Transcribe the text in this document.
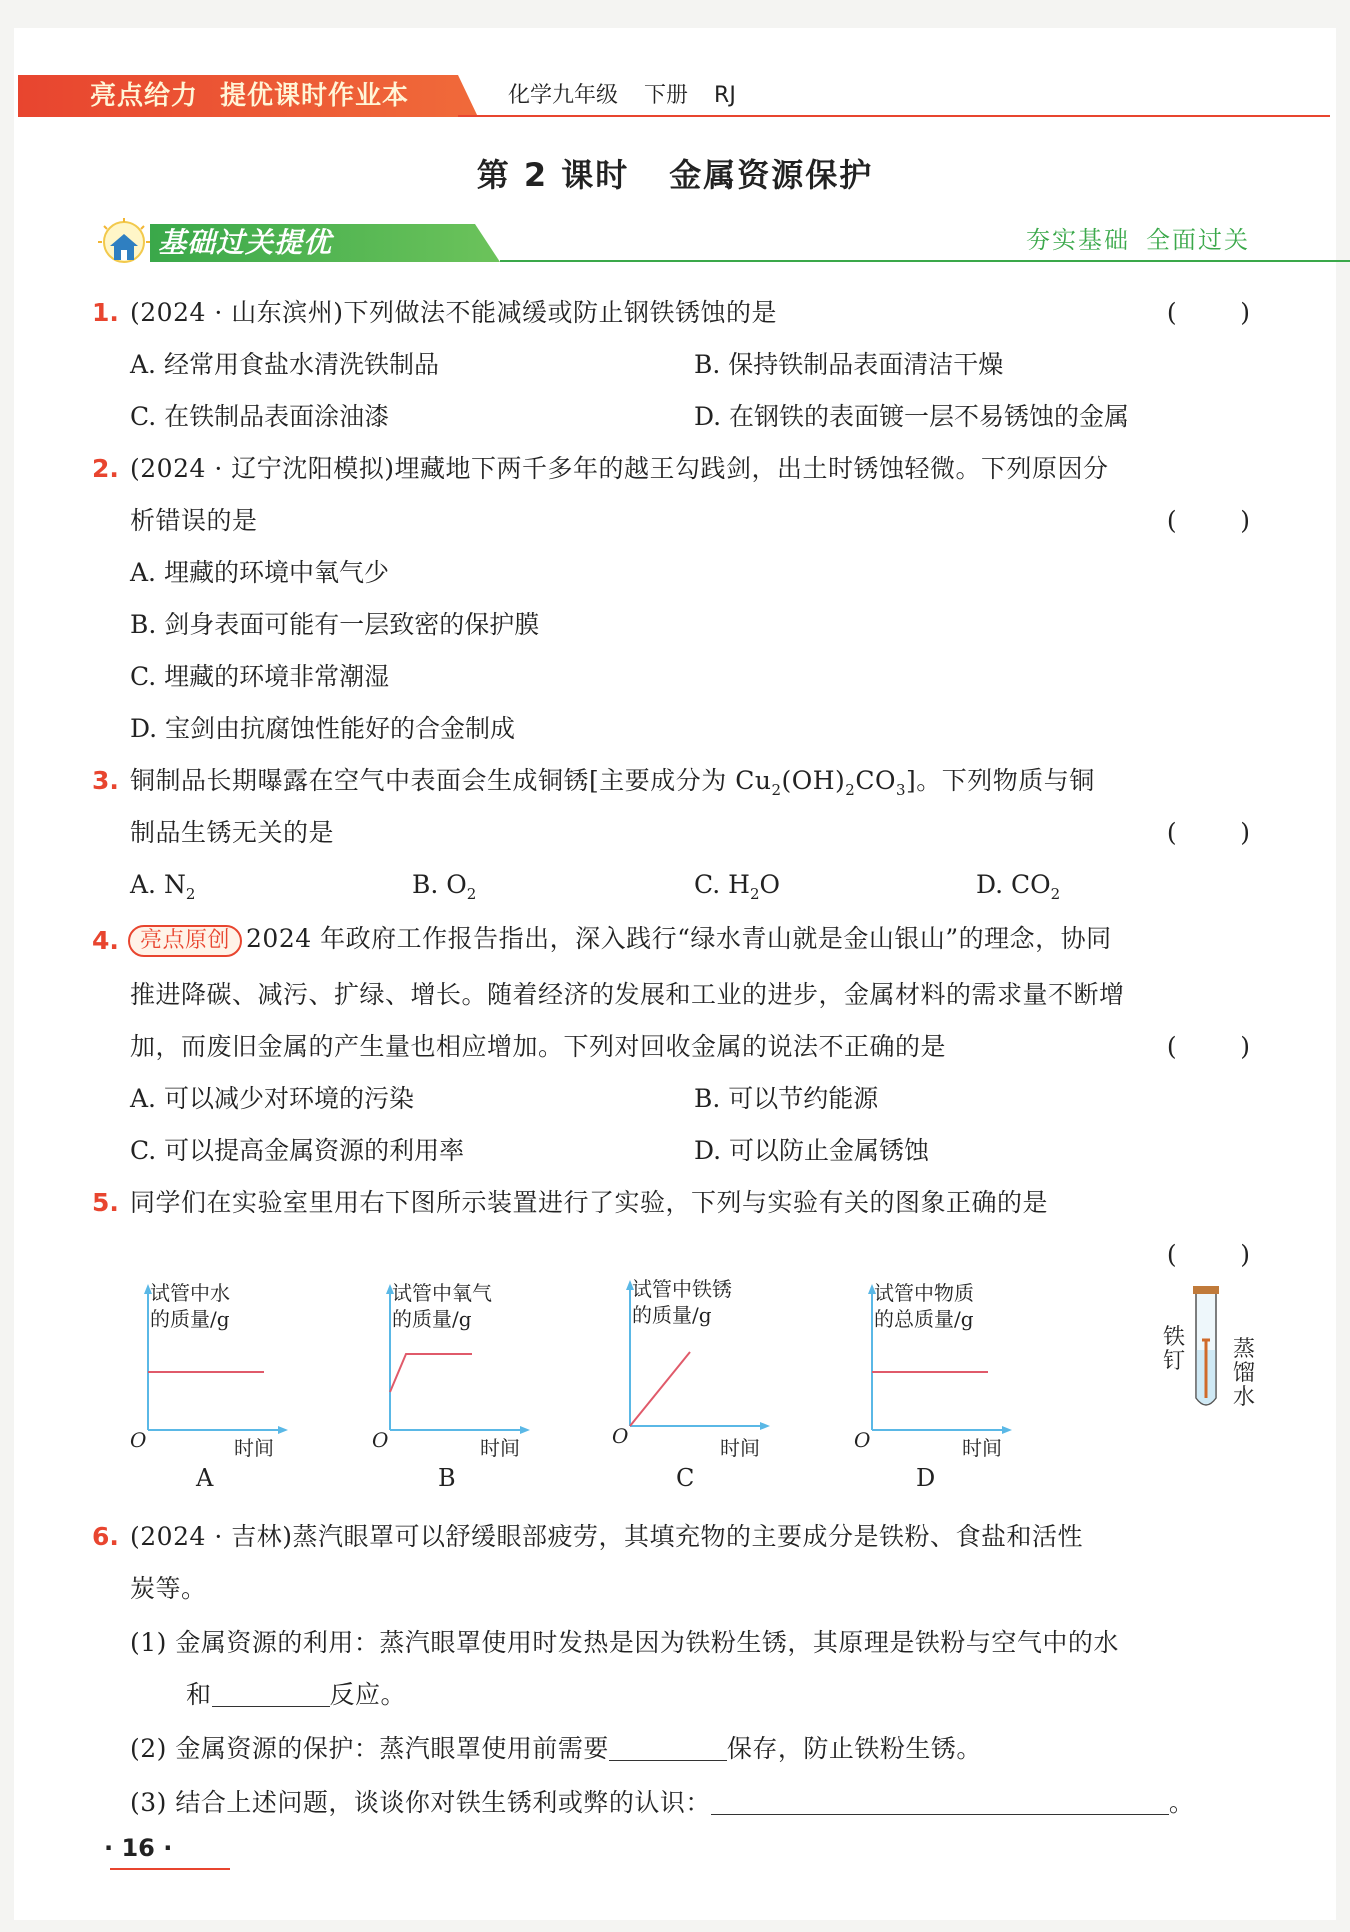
亮点给力 提优课时作业本	化学九年级 下册 RJ
第 2 课时 金属资源保护
基础过关提优	夯实基础 全面过关
1. (2024 · 山东滨州)下列做法不能减缓或防止钢铁锈蚀的是	(        )
A. 经常用食盐水清洗铁制品	B. 保持铁制品表面清洁干燥
C. 在铁制品表面涂油漆	D. 在钢铁的表面镀一层不易锈蚀的金属
2. (2024 · 辽宁沈阳模拟)埋藏地下两千多年的越王勾践剑，出土时锈蚀轻微。下列原因分
析错误的是	(        )
A. 埋藏的环境中氧气少
B. 剑身表面可能有一层致密的保护膜
C. 埋藏的环境非常潮湿
D. 宝剑由抗腐蚀性能好的合金制成
3. 铜制品长期曝露在空气中表面会生成铜锈[主要成分为 $Cu_2(OH)_2CO_3$]。下列物质与铜
制品生锈无关的是	(        )
A. $N_2$	B. $O_2$	C. $H_2O$	D. $CO_2$
4. 亮点原创 2024 年政府工作报告指出，深入践行“绿水青山就是金山银山”的理念，协同
推进降碳、减污、扩绿、增长。随着经济的发展和工业的进步，金属材料的需求量不断增
加，而废旧金属的产生量也相应增加。下列对回收金属的说法不正确的是	(        )
A. 可以减少对环境的污染	B. 可以节约能源
C. 可以提高金属资源的利用率	D. 可以防止金属锈蚀
5. 同学们在实验室里用右下图所示装置进行了实验，下列与实验有关的图象正确的是
(        )
试管中水
的质量/g
O	时间
A
试管中氧气
的质量/g
O	时间
B
试管中铁锈
的质量/g
O	时间
C
试管中物质
的总质量/g
O	时间
D
铁钉 蒸馏水
6. (2024 · 吉林)蒸汽眼罩可以舒缓眼部疲劳，其填充物的主要成分是铁粉、食盐和活性
炭等。
(1) 金属资源的利用：蒸汽眼罩使用时发热是因为铁粉生锈，其原理是铁粉与空气中的水
和	反应。
(2) 金属资源的保护：蒸汽眼罩使用前需要	保存，防止铁粉生锈。
(3) 结合上述问题，谈谈你对铁生锈利或弊的认识：	。
· 16 ·
